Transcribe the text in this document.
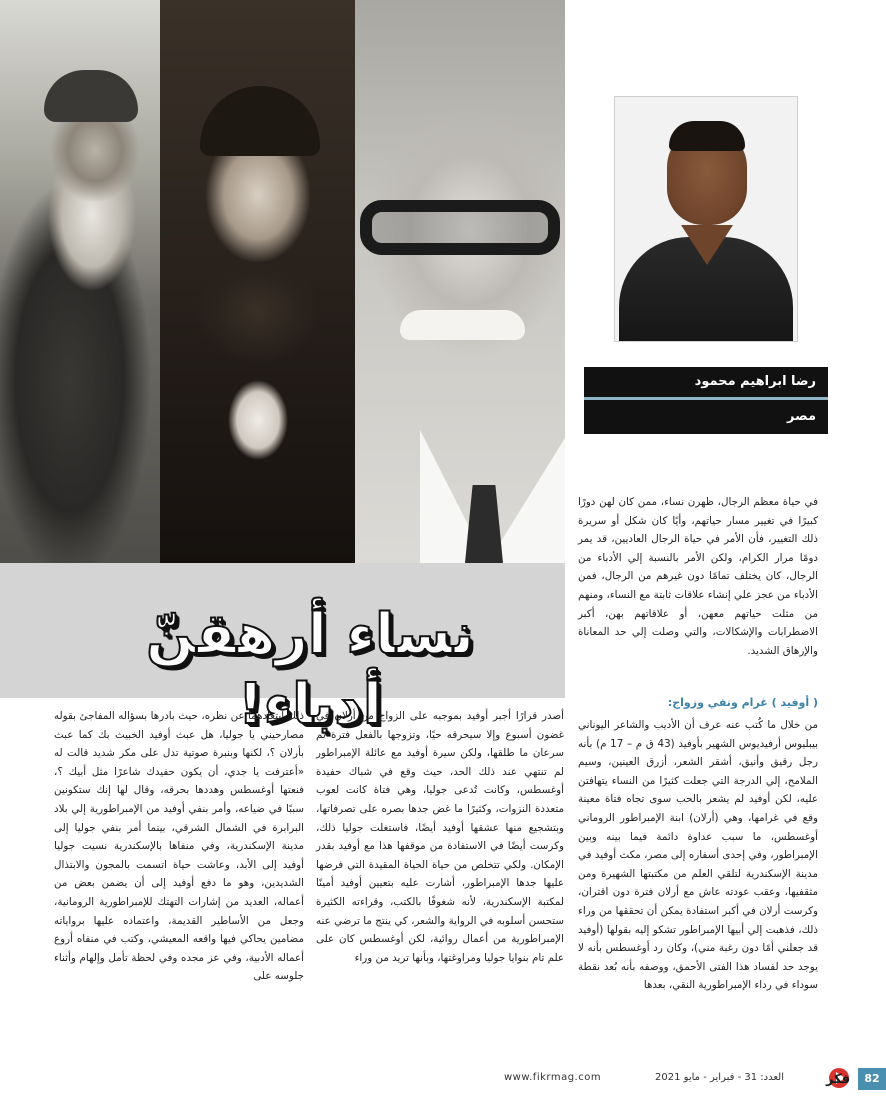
نساء أرهقنّ أدباء!
رضا ابراهيم محمود
مصر

في حياة معظم الرجال، ظهرن نساء، ممن كان لهن دورًا كبيرًا في تغيير مسار حياتهم، وأيًا كان شكل أو سريرة ذلك التغيير، فأن الأمر في حياة الرجال العاديين، قد يمر دومًا مرار الكرام، ولكن الأمر بالنسبة إلي الأدباء من الرجال، كان يختلف تمامًا دون غيرهم من الرجال، فمن الأدباء من عجز علي إنشاء علاقات ثابتة مع النساء، ومنهم من مثلت حياتهم معهن، أو علاقاتهم بهن، أكبر الاضطرابات والإشكالات، والتي وصلت إلي حد المعاناة والإرهاق الشديد.

( أوفيد ) غرام ونفي وزواج:

من خلال ما كُتب عنه عرف أن الأديب والشاعر اليوناني بيبليوس أرفيديوس الشهير بأوفيد (43 ق م – 17 م) بأنه رجل رقيق وأنيق، أشقر الشعر، أزرق العينين، وسيم الملامح، إلي الدرجة التي جعلت كثيرًا من النساء يتهافتن عليه، لكن أوفيد لم يشعر بالحب سوى تجاه فتاة معينة وقع في غرامها، وهي (أرلان) ابنة الإمبراطور الروماني أوغسطس، ما سبب عداوة دائمة فيما بينه وبين الإمبراطور، وفي إحدى أسفاره إلى مصر، مكث أوفيد في مدينة الإسكندرية لتلقي العلم من مكتبتها الشهيرة ومن مثقفيها، وعقب عودته عاش مع أرلان فترة دون اقتران، وكرست أرلان في أكبر استفادة يمكن أن تحققها من وراء ذلك، فذهبت إلي أبيها الإمبراطور تشكو إليه بقولها (أوفيد قد جعلني أمًا دون رغبة مني)، وكان رد أوغسطس بأنه لا يوجد حد لفساد هذا الفتى الأحمق، ووصفه بأنه بُعد نقطة سوداء في رداء الإمبراطورية النقي، بعدها

أصدر قرارًا أجبر أوفيد بموجبه على الزواج من أرلان في غضون أسبوع وإلا سيحرقه حيًا، وتزوجها بالفعل فترة ثم سرعان ما طلقها، ولكن سيرة أوفيد مع عائلة الإمبراطور لم تنتهي عند ذلك الحد، حيث وقع في شباك حفيدة أوغسطس، وكانت تُدعى جوليا، وهي فتاة كانت لعوب متعددة النزوات، وكثيرًا ما غض جدها بصره على تصرفاتها، وبتشجيع منها عشقها أوفيد أيضًا، فاستغلت جوليا ذلك، وكرست أيضًا في الاستفادة من موقفها هذا مع أوفيد بقدر الإمكان. ولكي تتخلص من حياة الحياة المقيدة التي فرضها عليها جدها الإمبراطور، أشارت عليه بتعيين أوفيد أمينًا لمكتبة الإسكندرية، لأنه شغوفًا بالكتب، وقراءته الكثيرة ستحسن أسلوبه في الرواية والشعر، كي ينتج ما ترضي عنه الإمبراطورية من أعمال روائية، لكن أوغسطس كان على علم تام بنوايا جوليا ومراوغتها، وبأنها تريد من وراء

ذلك ابتعادهما عن نظره، حيث بادرها بسؤاله المفاجئ بقوله مصارحيني يا جوليا، هل عبث أوفيد الخبيث بك كما عبث بأرلان ؟، لكنها وبنبرة صوتية تدل على مكر شديد قالت له «أعترفت يا جدي، أن يكون حفيدك شاعرًا مثل أبيك ؟، فنعتها أوغسطس وهددها بحرقه، وقال لها إنك ستكونين سببًا في ضياعه، وأمر بنفي أوفيد من الإمبراطورية إلي بلاد البرابرة في الشمال الشرقي، بينما أمر بنفي جوليا إلى مدينة الإسكندرية، وفي منفاها بالإسكندرية نسيت جوليا أوفيد إلى الأبد، وعاشت حياة اتسمت بالمجون والابتذال الشديدين، وهو ما دفع أوفيد إلى أن يضمن بعض من أعماله، العديد من إشارات التهتك للإمبراطورية الرومانية، وجعل من الأساطير القديمة، واعتماده عليها برواياته مضامين يحاكي فيها واقعه المعيشي، وكتب في منفاه أروع أعماله الأدبية، وفي عز مجده وفي لحظة تأمل وإلهام وأثناء جلوسه على

82
فكر
العدد: 31 - فبراير - مايو 2021
www.fikrmag.com
